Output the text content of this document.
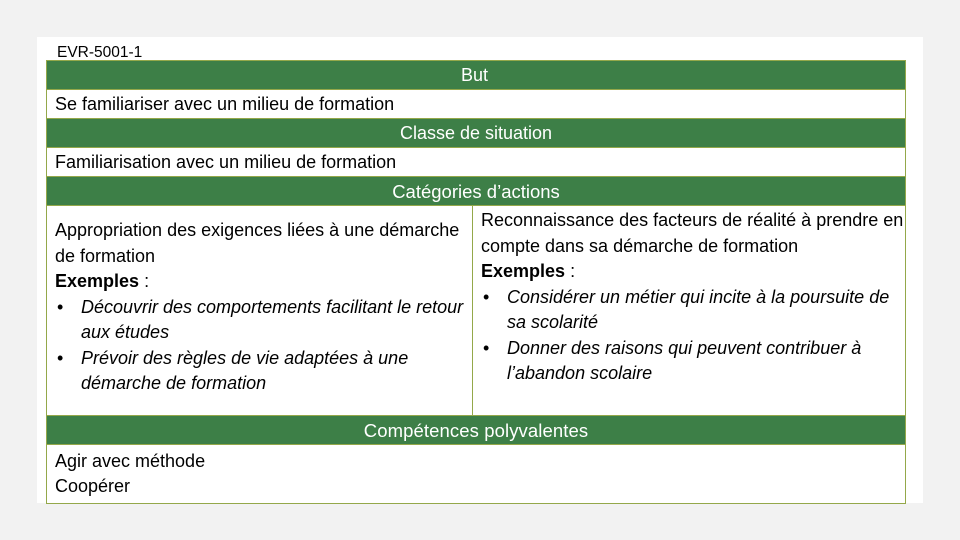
EVR-5001-1
But
Se familiariser avec un milieu de formation
Classe de situation
Familiarisation avec un milieu de formation
Catégories d’actions
Appropriation des exigences liées à une démarche de formation
Exemples :
• Découvrir des comportements facilitant le retour aux études
• Prévoir des règles de vie adaptées à une démarche de formation
Reconnaissance des facteurs de réalité à prendre en compte dans sa démarche de formation
Exemples :
• Considérer un métier qui incite à la poursuite de sa scolarité
• Donner des raisons qui peuvent contribuer à l’abandon scolaire
Compétences polyvalentes
Agir avec méthode
Coopérer
